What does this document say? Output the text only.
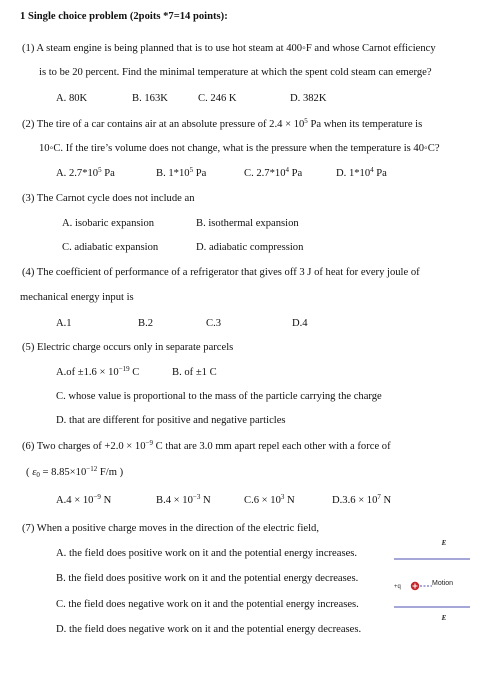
1 Single choice problem (2poits *7=14 points):
(1) A steam engine is being planned that is to use hot steam at 400◦F and whose Carnot efficiency
is to be 20 percent. Find the minimal temperature at which the spent cold steam can emerge?
A. 80K	B. 163K	C. 246 K	D. 382K
(2) The tire of a car contains air at an absolute pressure of $2.4 \times 10^5$ Pa when its temperature is
10◦C. If the tire’s volume does not change, what is the pressure when the temperature is 40◦C?
A. $2.7*10^5$ Pa	B. $1*10^5$ Pa	C. $2.7*10^4$ Pa	D. $1*10^4$ Pa
(3) The Carnot cycle does not include an
A. isobaric expansion	B. isothermal expansion
C. adiabatic expansion	D. adiabatic compression
(4) The coefficient of performance of a refrigerator that gives off 3 J of heat for every joule of
mechanical energy input is
A.1	B.2	C.3	D.4
(5) Electric charge occurs only in separate parcels
$A.of \pm 1.6 \times 10^{-19}$ C	B. of ±1 C
C. whose value is proportional to the mass of the particle carrying the charge
D. that are different for positive and negative particles
(6) Two charges of $+2.0 \times 10^{-9}$ C that are 3.0 mm apart repel each other with a force of
( $\varepsilon_0 = 8.85\times 10^{-12}$ F/m )
$A.4 \times 10^{-9}$ N	$B.4 \times 10^{-3}$ N	$C.6 \times 10^3$ N	$D.3.6 \times 10^7$ N
(7) When a positive charge moves in the direction of the electric field,
A. the field does positive work on it and the potential energy increases.
B. the field does positive work on it and the potential energy decreases.
C. the field does negative work on it and the potential energy increases.
D. the field does negative work on it and the potential energy decreases.
E
+q	Motion
E
